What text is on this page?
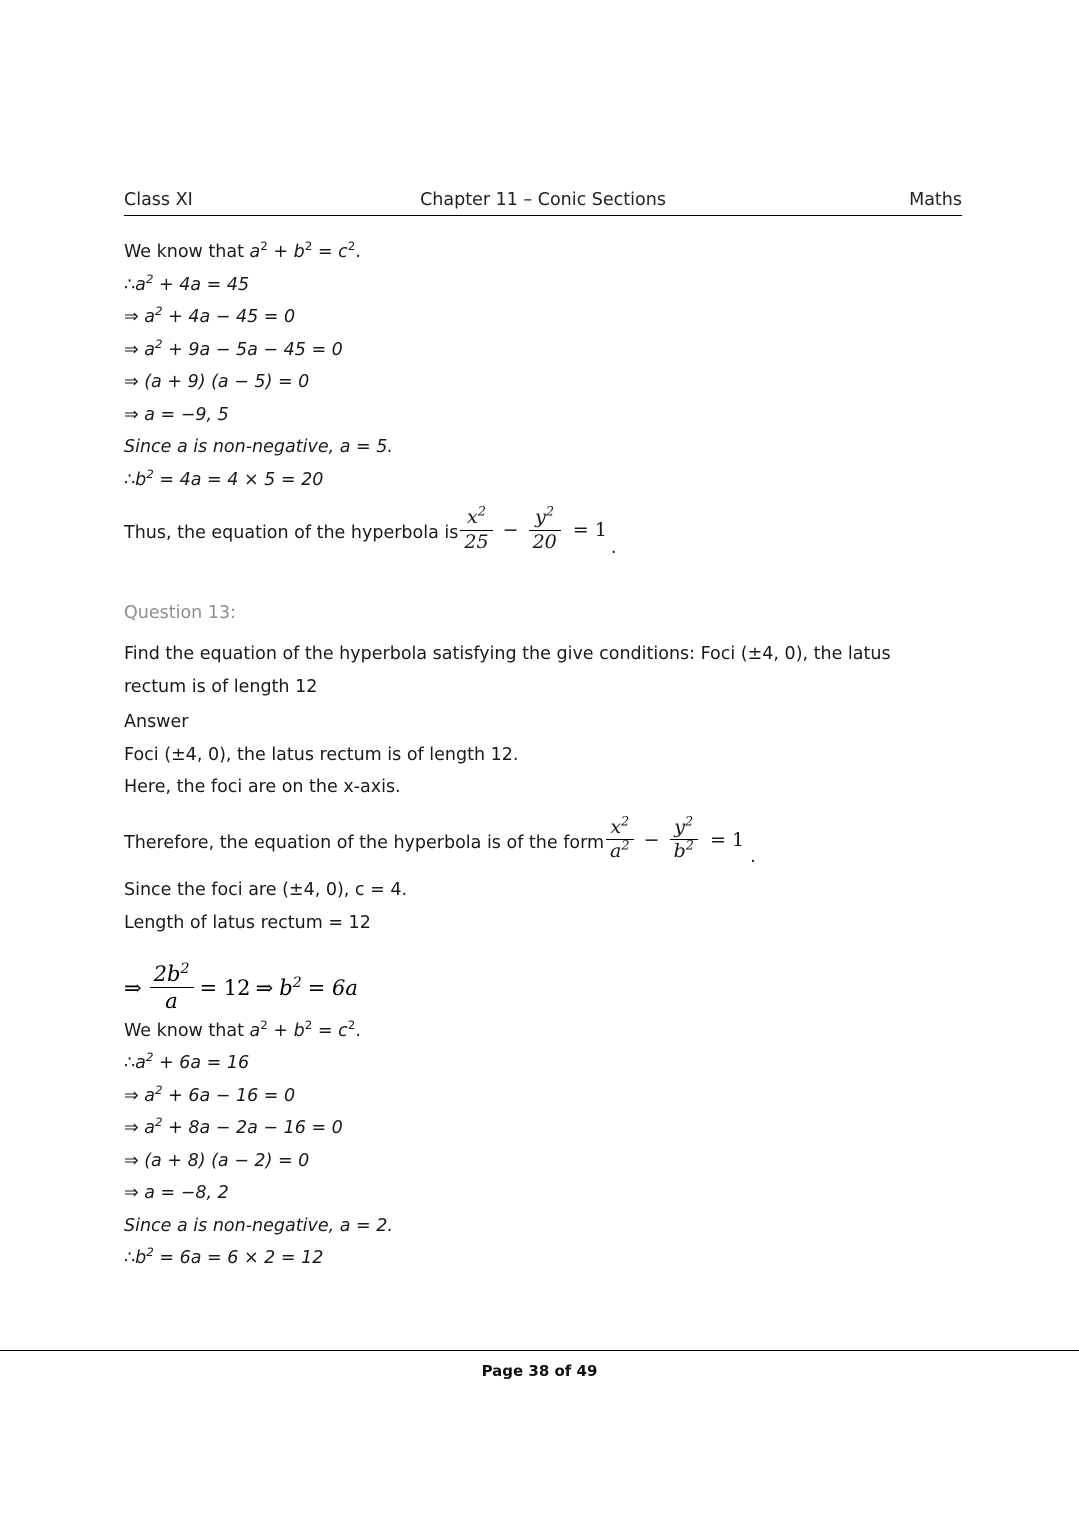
Class XI	Chapter 11 – Conic Sections	Maths

We know that $a^2 + b^2 = c^2$.

$\therefore a^2 + 4a = 45$

⇒ $a^2 + 4a - 45 = 0$

⇒ $a^2 + 9a - 5a - 45 = 0$

⇒ (a + 9) (a − 5) = 0

⇒ a = −9, 5

Since a is non-negative, a = 5.

$\therefore b^2 = 4a = 4 \times 5 = 20$

Thus, the equation of the hyperbola is $\frac{x^2}{25} - \frac{y^2}{20} = 1$
.

Question 13:

Find the equation of the hyperbola satisfying the give conditions: Foci (±4, 0), the latus rectum is of length 12

Answer

Foci (±4, 0), the latus rectum is of length 12.

Here, the foci are on the x-axis.

Therefore, the equation of the hyperbola is of the form $\frac{x^2}{a^2} - \frac{y^2}{b^2} = 1$
.

Since the foci are (±4, 0), c = 4.

Length of latus rectum = 12

⇒ $\frac{2b^2}{a} = 12$
⇒ $b^2 = 6a$

We know that $a^2 + b^2 = c^2$.

$\therefore a^2 + 6a = 16$

⇒ $a^2 + 6a - 16 = 0$

⇒ $a^2 + 8a - 2a - 16 = 0$

⇒ (a + 8) (a − 2) = 0

⇒ a = −8, 2

Since a is non-negative, a = 2.

$\therefore b^2 = 6a = 6 \times 2 = 12$

Page 38 of 49
